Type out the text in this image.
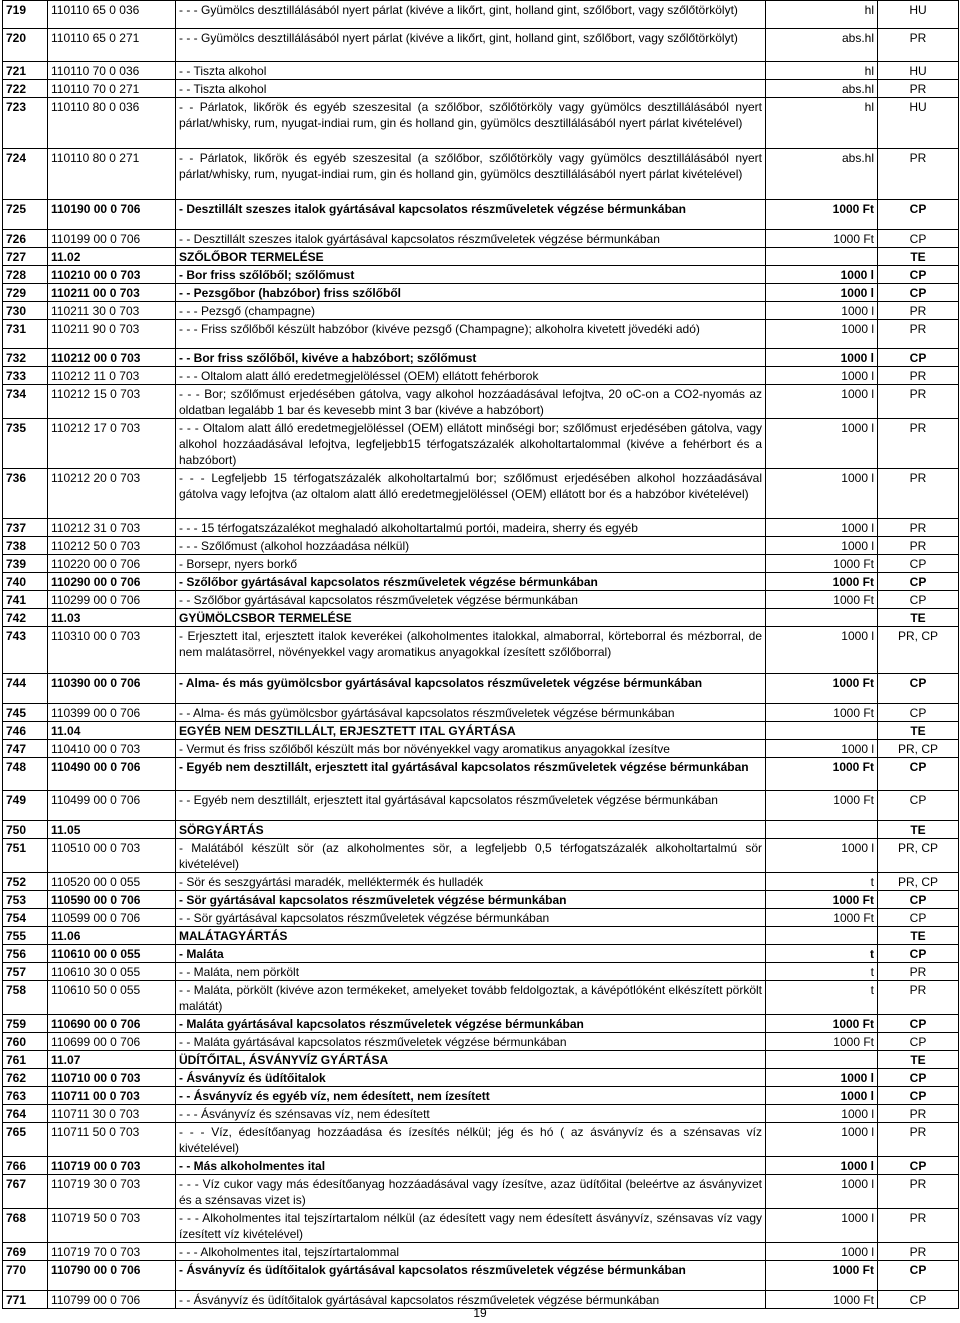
719	110110 65 0 036	- - - Gyümölcs desztillálásából nyert párlat (kivéve a likőrt, gint, holland gint, szőlőbort, vagy szőlőtörkölyt)	hl	HU
720	110110 65 0 271	- - - Gyümölcs desztillálásából nyert párlat (kivéve a likőrt, gint, holland gint, szőlőbort, vagy szőlőtörkölyt)	abs.hl	PR
721	110110 70 0 036	- - Tiszta alkohol	hl	HU
722	110110 70 0 271	- - Tiszta alkohol	abs.hl	PR
723	110110 80 0 036	- - Párlatok, likőrök és egyéb szeszesital (a szőlőbor, szőlőtörköly vagy gyümölcs desztillálásából nyert párlat/whisky, rum, nyugat-indiai rum, gin és holland gin, gyümölcs desztillálásából nyert párlat kivételével)	hl	HU
724	110110 80 0 271	- - Párlatok, likőrök és egyéb szeszesital (a szőlőbor, szőlőtörköly vagy gyümölcs desztillálásából nyert párlat/whisky, rum, nyugat-indiai rum, gin és holland gin, gyümölcs desztillálásából nyert párlat kivételével)	abs.hl	PR
725	110190 00 0 706	- Desztillált szeszes italok gyártásával kapcsolatos részműveletek végzése bérmunkában	1000 Ft	CP
726	110199 00 0 706	- - Desztillált szeszes italok gyártásával kapcsolatos részműveletek végzése bérmunkában	1000 Ft	CP
727	11.02	SZŐLŐBOR TERMELÉSE		TE
728	110210 00 0 703	- Bor friss szőlőből; szőlőmust	1000 l	CP
729	110211 00 0 703	- - Pezsgőbor (habzóbor) friss szőlőből	1000 l	CP
730	110211 30 0 703	- - - Pezsgő (champagne)	1000 l	PR
731	110211 90 0 703	- - - Friss szőlőből készült habzóbor (kivéve pezsgő (Champagne); alkoholra kivetett jövedéki adó)	1000 l	PR
732	110212 00 0 703	- - Bor friss szőlőből, kivéve a habzóbort; szőlőmust	1000 l	CP
733	110212 11 0 703	- - - Oltalom alatt álló eredetmegjelöléssel (OEM) ellátott fehérborok	1000 l	PR
734	110212 15 0 703	- - - Bor; szőlőmust erjedésében gátolva, vagy alkohol hozzáadásával lefojtva, 20 oC-on a CO2-nyomás az oldatban legalább 1 bar és kevesebb mint 3 bar (kivéve a habzóbort)	1000 l	PR
735	110212 17 0 703	- - - Oltalom alatt álló eredetmegjelöléssel (OEM) ellátott minőségi bor; szőlőmust erjedésében gátolva, vagy alkohol hozzáadásával lefojtva, legfeljebb15 térfogatszázalék alkoholtartalommal (kivéve a fehérbort és a habzóbort)	1000 l	PR
736	110212 20 0 703	- - - Legfeljebb 15 térfogatszázalék alkoholtartalmú bor; szőlőmust erjedésében alkohol hozzáadásával gátolva vagy lefojtva (az oltalom alatt álló eredetmegjelöléssel (OEM) ellátott bor és a habzóbor kivételével)	1000 l	PR
737	110212 31 0 703	- - - 15 térfogatszázalékot meghaladó alkoholtartalmú portói, madeira, sherry és egyéb	1000 l	PR
738	110212 50 0 703	- - - Szőlőmust (alkohol hozzáadása nélkül)	1000 l	PR
739	110220 00 0 706	- Borsepr, nyers borkő	1000 Ft	CP
740	110290 00 0 706	- Szőlőbor gyártásával kapcsolatos részműveletek végzése bérmunkában	1000 Ft	CP
741	110299 00 0 706	- - Szőlőbor gyártásával kapcsolatos részműveletek végzése bérmunkában	1000 Ft	CP
742	11.03	GYÜMÖLCSBOR TERMELÉSE		TE
743	110310 00 0 703	- Erjesztett ital, erjesztett italok keverékei (alkoholmentes italokkal, almaborral, körteborral és mézborral, de nem malátasörrel, növényekkel vagy aromatikus anyagokkal ízesített szőlőborral)	1000 l	PR, CP
744	110390 00 0 706	- Alma- és más gyümölcsbor gyártásával kapcsolatos részműveletek végzése bérmunkában	1000 Ft	CP
745	110399 00 0 706	- - Alma- és más gyümölcsbor gyártásával kapcsolatos részműveletek végzése bérmunkában	1000 Ft	CP
746	11.04	EGYÉB NEM DESZTILLÁLT, ERJESZTETT ITAL GYÁRTÁSA		TE
747	110410 00 0 703	- Vermut és friss szőlőből készült más bor növényekkel vagy aromatikus anyagokkal ízesítve	1000 l	PR, CP
748	110490 00 0 706	- Egyéb nem desztillált, erjesztett ital gyártásával kapcsolatos részműveletek végzése bérmunkában	1000 Ft	CP
749	110499 00 0 706	- - Egyéb nem desztillált, erjesztett ital gyártásával kapcsolatos részműveletek végzése bérmunkában	1000 Ft	CP
750	11.05	SÖRGYÁRTÁS		TE
751	110510 00 0 703	- Malátából készült sör (az alkoholmentes sör, a legfeljebb 0,5 térfogatszázalék alkoholtartalmú sör kivételével)	1000 l	PR, CP
752	110520 00 0 055	- Sör és seszgyártási maradék, melléktermék és hulladék	t	PR, CP
753	110590 00 0 706	- Sör gyártásával kapcsolatos részműveletek végzése bérmunkában	1000 Ft	CP
754	110599 00 0 706	- - Sör gyártásával kapcsolatos részműveletek végzése bérmunkában	1000 Ft	CP
755	11.06	MALÁTAGYÁRTÁS		TE
756	110610 00 0 055	- Maláta	t	CP
757	110610 30 0 055	- - Maláta, nem pörkölt	t	PR
758	110610 50 0 055	- - Maláta, pörkölt (kivéve azon termékeket, amelyeket tovább feldolgoztak, a kávépótlóként elkészített pörkölt malátát)	t	PR
759	110690 00 0 706	- Maláta gyártásával kapcsolatos részműveletek végzése bérmunkában	1000 Ft	CP
760	110699 00 0 706	- - Maláta gyártásával kapcsolatos részműveletek végzése bérmunkában	1000 Ft	CP
761	11.07	ÜDÍTŐITAL, ÁSVÁNYVÍZ GYÁRTÁSA		TE
762	110710 00 0 703	- Ásványvíz és üdítőitalok	1000 l	CP
763	110711 00 0 703	- - Ásványvíz és egyéb víz, nem édesített, nem ízesített	1000 l	CP
764	110711 30 0 703	- - - Ásványvíz és szénsavas víz, nem édesített	1000 l	PR
765	110711 50 0 703	- - - Víz, édesítőanyag hozzáadása és ízesítés nélkül; jég és hó ( az ásványvíz és a szénsavas víz kivételével)	1000 l	PR
766	110719 00 0 703	- - Más alkoholmentes ital	1000 l	CP
767	110719 30 0 703	- - - Víz cukor vagy más édesítőanyag hozzáadásával vagy ízesítve, azaz üdítőital (beleértve az ásványvizet és a szénsavas vizet is)	1000 l	PR
768	110719 50 0 703	- - - Alkoholmentes ital tejszírtartalom nélkül (az édesített vagy nem édesített ásványvíz, szénsavas víz vagy ízesített víz kivételével)	1000 l	PR
769	110719 70 0 703	- - - Alkoholmentes ital, tejszírtartalommal	1000 l	PR
770	110790 00 0 706	- Ásványvíz és üdítőitalok gyártásával kapcsolatos részműveletek végzése bérmunkában	1000 Ft	CP
771	110799 00 0 706	- - Ásványvíz és üdítőitalok gyártásával kapcsolatos részműveletek végzése bérmunkában	1000 Ft	CP
19
